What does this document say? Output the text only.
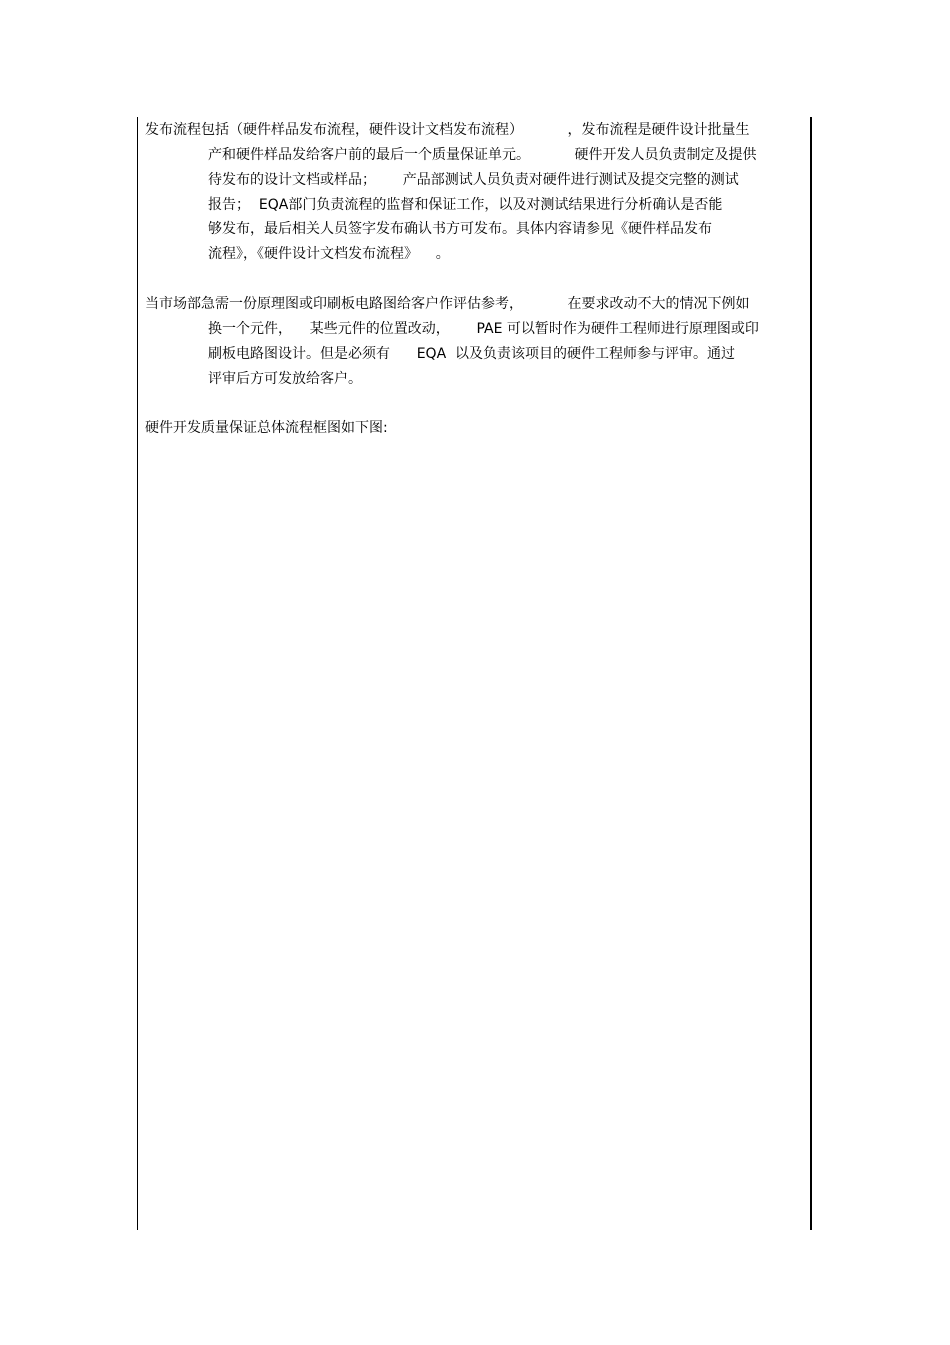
发布流程包括（硬件样品发布流程，硬件设计文档发布流程）          ，发布流程是硬件设计批量生
产和硬件样品发给客户前的最后一个质量保证单元。          硬件开发人员负责制定及提供
待发布的设计文档或样品；      产品部测试人员负责对硬件进行测试及提交完整的测试
报告；  EQA部门负责流程的监督和保证工作，以及对测试结果进行分析确认是否能
够发布，最后相关人员签字发布确认书方可发布。具体内容请参见《硬件样品发布
流程》，《硬件设计文档发布流程》    。
当市场部急需一份原理图或印刷板电路图给客户作评估参考，          在要求改动不大的情况下例如
换一个元件，    某些元件的位置改动，      PAE 可以暂时作为硬件工程师进行原理图或印
刷板电路图设计。但是必须有      EQA  以及负责该项目的硬件工程师参与评审。通过
评审后方可发放给客户。
硬件开发质量保证总体流程框图如下图:
